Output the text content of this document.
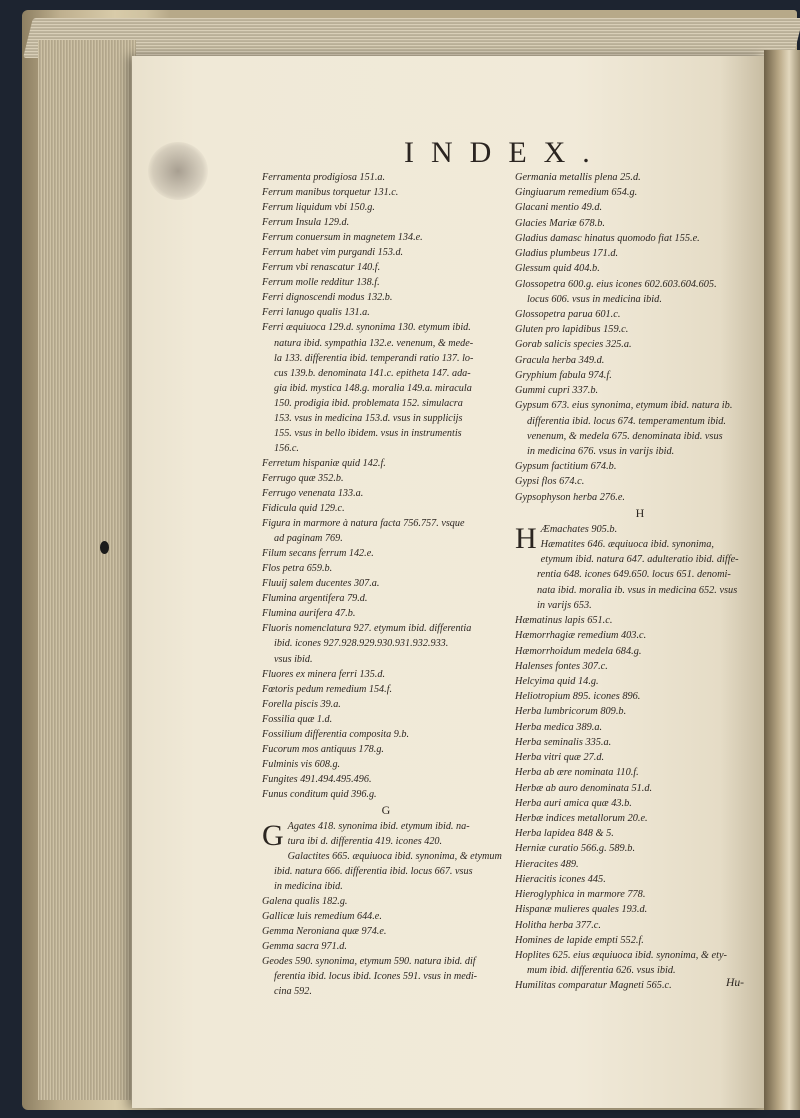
INDEX.
Ferramenta prodigiosa 151.a.
Ferrum manibus torquetur 131.c.
Ferrum liquidum vbi 150.g.
Ferrum Insula 129.d.
Ferrum conuersum in magnetem 134.e.
Ferrum habet vim purgandi 153.d.
Ferrum vbi renascatur 140.f.
Ferrum molle redditur 138.f.
Ferri dignoscendi modus 132.b.
Ferri lanugo qualis 131.a.
Ferri æquiuoca 129.d. synonima 130. etymum ibid.
natura ibid. sympathia 132.e. venenum, & mede-
la 133. differentia ibid. temperandi ratio 137. lo-
cus 139.b. denominata 141.c. epitheta 147. ada-
gia ibid. mystica 148.g. moralia 149.a. miracula
150. prodigia ibid. problemata 152. simulacra
153. vsus in medicina 153.d. vsus in supplicijs
155. vsus in bello ibidem. vsus in instrumentis
156.c.
Ferretum hispaniæ quid 142.f.
Ferrugo quæ 352.b.
Ferrugo venenata 133.a.
Fidicula quid 129.c.
Figura in marmore à natura facta 756.757. vsque
ad paginam 769.
Filum secans ferrum 142.e.
Flos petra 659.b.
Fluuij salem ducentes 307.a.
Flumina argentifera 79.d.
Flumina aurifera 47.b.
Fluoris nomenclatura 927. etymum ibid. differentia
ibid. icones 927.928.929.930.931.932.933.
vsus ibid.
Fluores ex minera ferri 135.d.
Fœtoris pedum remedium 154.f.
Forella piscis 39.a.
Fossilia quæ 1.d.
Fossilium differentia composita 9.b.
Fucorum mos antiquus 178.g.
Fulminis vis 608.g.
Fungites 491.494.495.496.
Funus conditum quid 396.g.
G
GAgates 418. synonima ibid. etymum ibid. na-
tura ibi d. differentia 419. icones 420.
Galactites 665. æquiuoca ibid. synonima, & etymum
ibid. natura 666. differentia ibid. locus 667. vsus
in medicina ibid.
Galena qualis 182.g.
Gallicæ luis remedium 644.e.
Gemma Neroniana quæ 974.e.
Gemma sacra 971.d.
Geodes 590. synonima, etymum 590. natura ibid. dif
ferentia ibid. locus ibid. Icones 591. vsus in medi-
cina 592.
Germania metallis plena 25.d.
Gingiuarum remedium 654.g.
Glacani mentio 49.d.
Glacies Mariæ 678.b.
Gladius damasc hinatus quomodo fiat 155.e.
Gladius plumbeus 171.d.
Glessum quid 404.b.
Glossopetra 600.g. eius icones 602.603.604.605.
locus 606. vsus in medicina ibid.
Glossopetra parua 601.c.
Gluten pro lapidibus 159.c.
Gorab salicis species 325.a.
Gracula herba 349.d.
Gryphium fabula 974.f.
Gummi cupri 337.b.
Gypsum 673. eius synonima, etymum ibid. natura ib.
differentia ibid. locus 674. temperamentum ibid.
venenum, & medela 675. denominata ibid. vsus
in medicina 676. vsus in varijs ibid.
Gypsum factitium 674.b.
Gypsi flos 674.c.
Gypsophyson herba 276.e.
H
HÆmachates 905.b.
Hæmatites 646. æquiuoca ibid. synonima,
etymum ibid. natura 647. adulteratio ibid. diffe-
rentia 648. icones 649.650. locus 651. denomi-
nata ibid. moralia ib. vsus in medicina 652. vsus
in varijs 653.
Hæmatinus lapis 651.c.
Hæmorrhagiæ remedium 403.c.
Hæmorrhoidum medela 684.g.
Halenses fontes 307.c.
Helcyima quid 14.g.
Heliotropium 895. icones 896.
Herba lumbricorum 809.b.
Herba medica 389.a.
Herba seminalis 335.a.
Herba vitri quæ 27.d.
Herba ab ære nominata 110.f.
Herbæ ab auro denominata 51.d.
Herba auri amica quæ 43.b.
Herbæ indices metallorum 20.e.
Herba lapidea 848 & 5.
Herniæ curatio 566.g. 589.b.
Hieracites 489.
Hieracitis icones 445.
Hieroglyphica in marmore 778.
Hispanæ mulieres quales 193.d.
Holitha herba 377.c.
Homines de lapide empti 552.f.
Hoplites 625. eius æquiuoca ibid. synonima, & ety-
mum ibid. differentia 626. vsus ibid.
Humilitas comparatur Magneti 565.c.	Hu-
